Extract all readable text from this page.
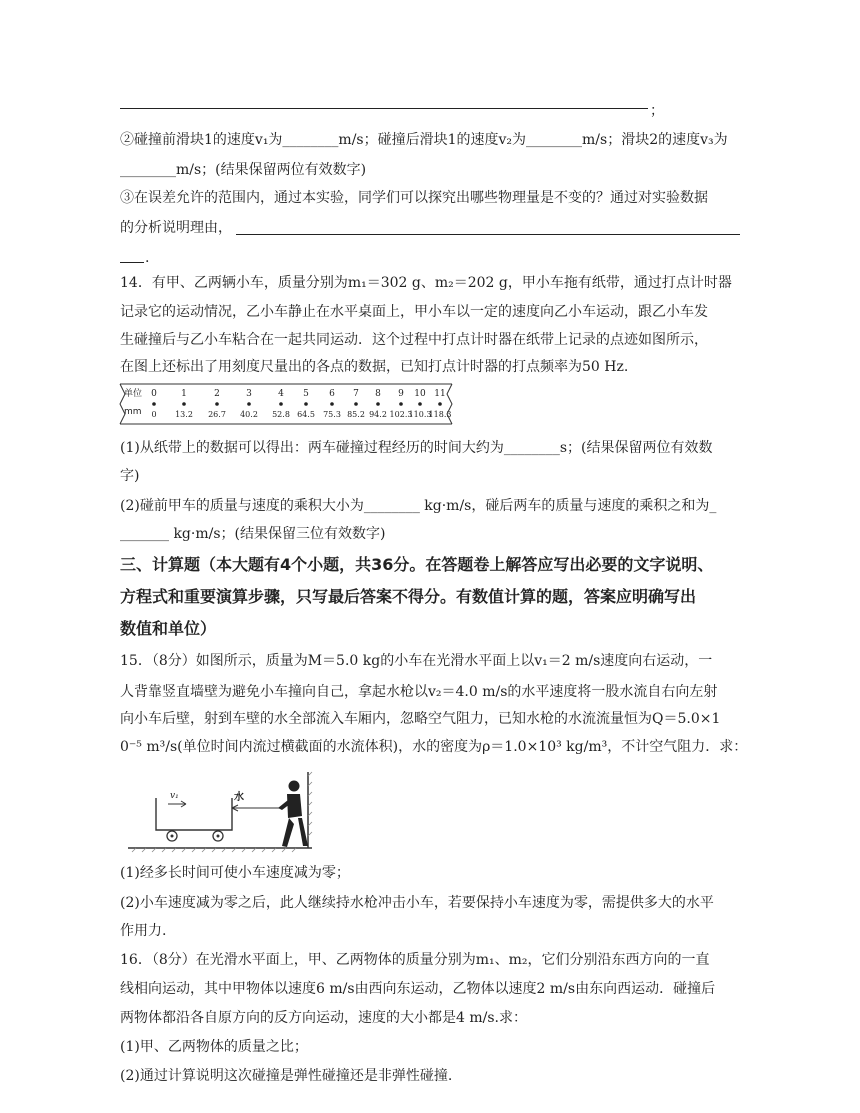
；
②碰撞前滑块1的速度v₁为________m/s；碰撞后滑块1的速度v₂为________m/s；滑块2的速度v₃为
________m/s；(结果保留两位有效数字)
③在误差允许的范围内，通过本实验，同学们可以探究出哪些物理量是不变的？通过对实验数据
的分析说明理由，
.
14．有甲、乙两辆小车，质量分别为m₁＝302 g、m₂＝202 g，甲小车拖有纸带，通过打点计时器
记录它的运动情况，乙小车静止在水平桌面上，甲小车以一定的速度向乙小车运动，跟乙小车发
生碰撞后与乙小车粘合在一起共同运动．这个过程中打点计时器在纸带上记录的点迹如图所示，
在图上还标出了用刻度尺量出的各点的数据，已知打点计时器的打点频率为50 Hz.
单位
mm
0
0
1
13.2
2
26.7
3
40.2
4
52.8
5
64.5
6
75.3
7
85.2
8
94.2
9
102.3
10
110.3
11
118.3
(1)从纸带上的数据可以得出：两车碰撞过程经历的时间大约为________s；(结果保留两位有效数
字)
(2)碰前甲车的质量与速度的乘积大小为________ kg·m/s，碰后两车的质量与速度的乘积之和为_
_______ kg·m/s；(结果保留三位有效数字)
三、计算题（本大题有4个小题，共36分。在答题卷上解答应写出必要的文字说明、
方程式和重要演算步骤，只写最后答案不得分。有数值计算的题，答案应明确写出
数值和单位）
15．（8分）如图所示，质量为M＝5.0 kg的小车在光滑水平面上以v₁＝2 m/s速度向右运动，一
人背靠竖直墙壁为避免小车撞向自己，拿起水枪以v₂＝4.0 m/s的水平速度将一股水流自右向左射
向小车后壁，射到车壁的水全部流入车厢内，忽略空气阻力，已知水枪的水流流量恒为Q＝5.0×1
0⁻⁵ m³/s(单位时间内流过横截面的水流体积)，水的密度为ρ＝1.0×10³ kg/m³，不计空气阻力．求：
v₁	水
(1)经多长时间可使小车速度减为零；
(2)小车速度减为零之后，此人继续持水枪冲击小车，若要保持小车速度为零，需提供多大的水平
作用力.
16．（8分）在光滑水平面上，甲、乙两物体的质量分别为m₁、m₂，它们分别沿东西方向的一直
线相向运动，其中甲物体以速度6 m/s由西向东运动，乙物体以速度2 m/s由东向西运动．碰撞后
两物体都沿各自原方向的反方向运动，速度的大小都是4 m/s.求：
(1)甲、乙两物体的质量之比；
(2)通过计算说明这次碰撞是弹性碰撞还是非弹性碰撞.
